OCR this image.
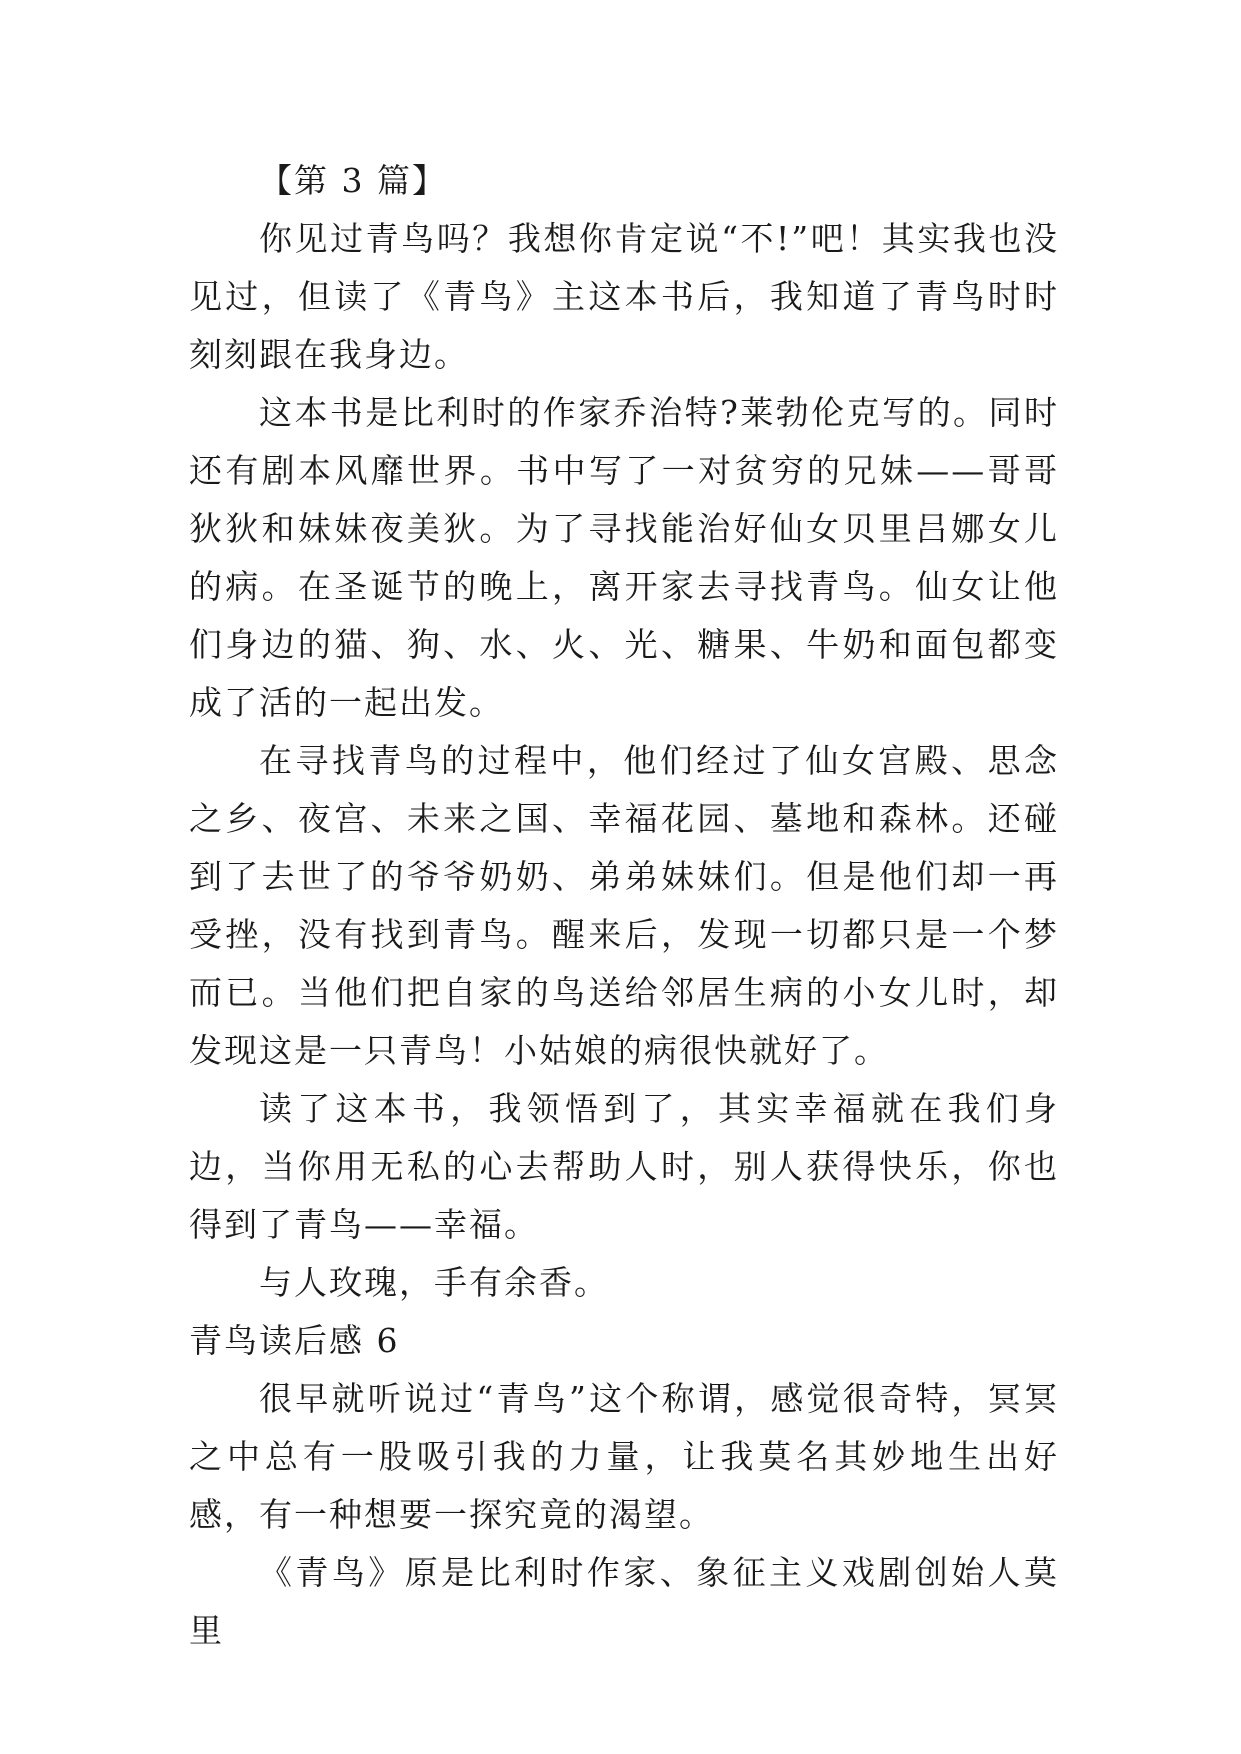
【第 3 篇】

你见过青鸟吗？我想你肯定说“不!”吧！其实我也没见过，但读了《青鸟》主这本书后，我知道了青鸟时时刻刻跟在我身边。

这本书是比利时的作家乔治特?莱勃伦克写的。同时还有剧本风靡世界。书中写了一对贫穷的兄妹——哥哥狄狄和妹妹夜美狄。为了寻找能治好仙女贝里吕娜女儿的病。在圣诞节的晚上，离开家去寻找青鸟。仙女让他们身边的猫、狗、水、火、光、糖果、牛奶和面包都变成了活的一起出发。

在寻找青鸟的过程中，他们经过了仙女宫殿、思念之乡、夜宫、未来之国、幸福花园、墓地和森林。还碰到了去世了的爷爷奶奶、弟弟妹妹们。但是他们却一再受挫，没有找到青鸟。醒来后，发现一切都只是一个梦而已。当他们把自家的鸟送给邻居生病的小女儿时，却发现这是一只青鸟！小姑娘的病很快就好了。

读了这本书，我领悟到了，其实幸福就在我们身边，当你用无私的心去帮助人时，别人获得快乐，你也得到了青鸟——幸福。

与人玫瑰，手有余香。

青鸟读后感 6

很早就听说过“青鸟”这个称谓，感觉很奇特，冥冥之中总有一股吸引我的力量，让我莫名其妙地生出好感，有一种想要一探究竟的渴望。

《青鸟》原是比利时作家、象征主义戏剧创始人莫里
